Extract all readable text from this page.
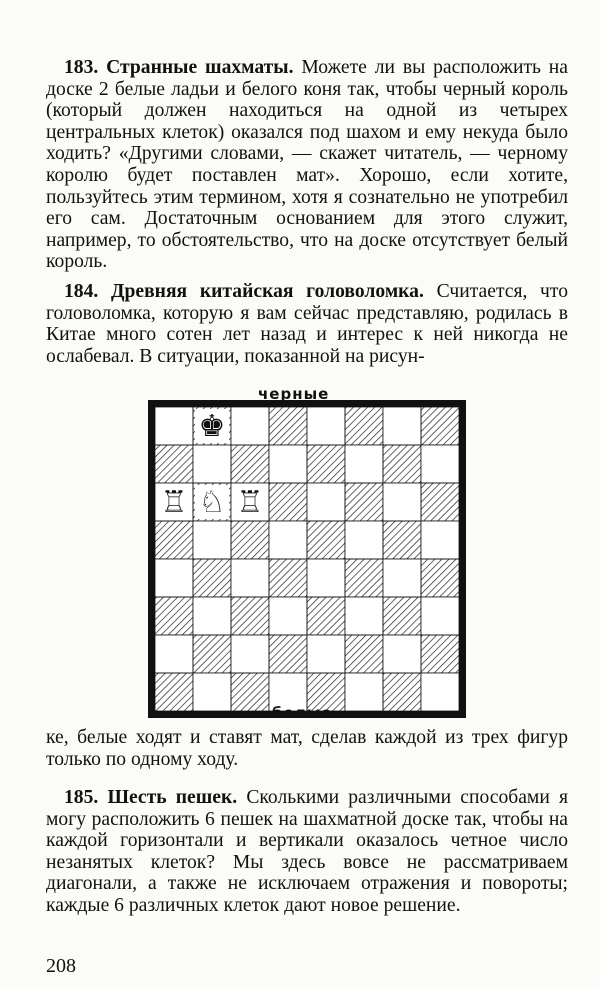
183. Странные шахматы. Можете ли вы расположить на доске 2 белые ладьи и белого коня так, чтобы черный король (который должен находиться на одной из четырех центральных клеток) оказался под шахом и ему некуда было ходить? «Другими словами, — скажет читатель, — черному королю будет поставлен мат». Хорошо, если хотите, пользуйтесь этим термином, хотя я сознательно не употребил его сам. Достаточным основанием для этого служит, например, то обстоятельство, что на доске отсутствует белый король.

184. Древняя китайская головоломка. Считается, что головоломка, которую я вам сейчас представляю, родилась в Китае много сотен лет назад и интерес к ней никогда не ослабевал. В ситуации, показанной на рисун-

черные
♚
♖ ♘ ♖
белые

ке, белые ходят и ставят мат, сделав каждой из трех фигур только по одному ходу.

185. Шесть пешек. Сколькими различными способами я могу расположить 6 пешек на шахматной доске так, чтобы на каждой горизонтали и вертикали оказалось четное число незанятых клеток? Мы здесь вовсе не рассматриваем диагонали, а также не исключаем отражения и повороты; каждые 6 различных клеток дают новое решение.

208
